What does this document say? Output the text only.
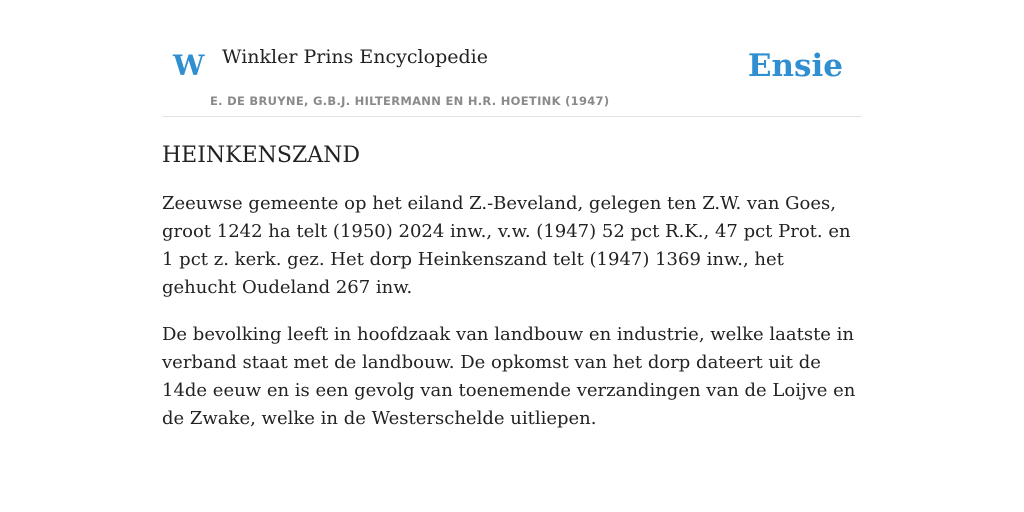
W Winkler Prins Encyclopedie	Ensie
E. DE BRUYNE, G.B.J. HILTERMANN EN H.R. HOETINK (1947)
HEINKENSZAND

Zeeuwse gemeente op het eiland Z.-Beveland, gelegen ten Z.W. van Goes, groot 1242 ha telt (1950) 2024 inw., v.w. (1947) 52 pct R.K., 47 pct Prot. en 1 pct z. kerk. gez. Het dorp Heinkenszand telt (1947) 1369 inw., het gehucht Oudeland 267 inw.

De bevolking leeft in hoofdzaak van landbouw en industrie, welke laatste in verband staat met de landbouw. De opkomst van het dorp dateert uit de 14de eeuw en is een gevolg van toenemende verzandingen van de Loijve en de Zwake, welke in de Westerschelde uitliepen.
